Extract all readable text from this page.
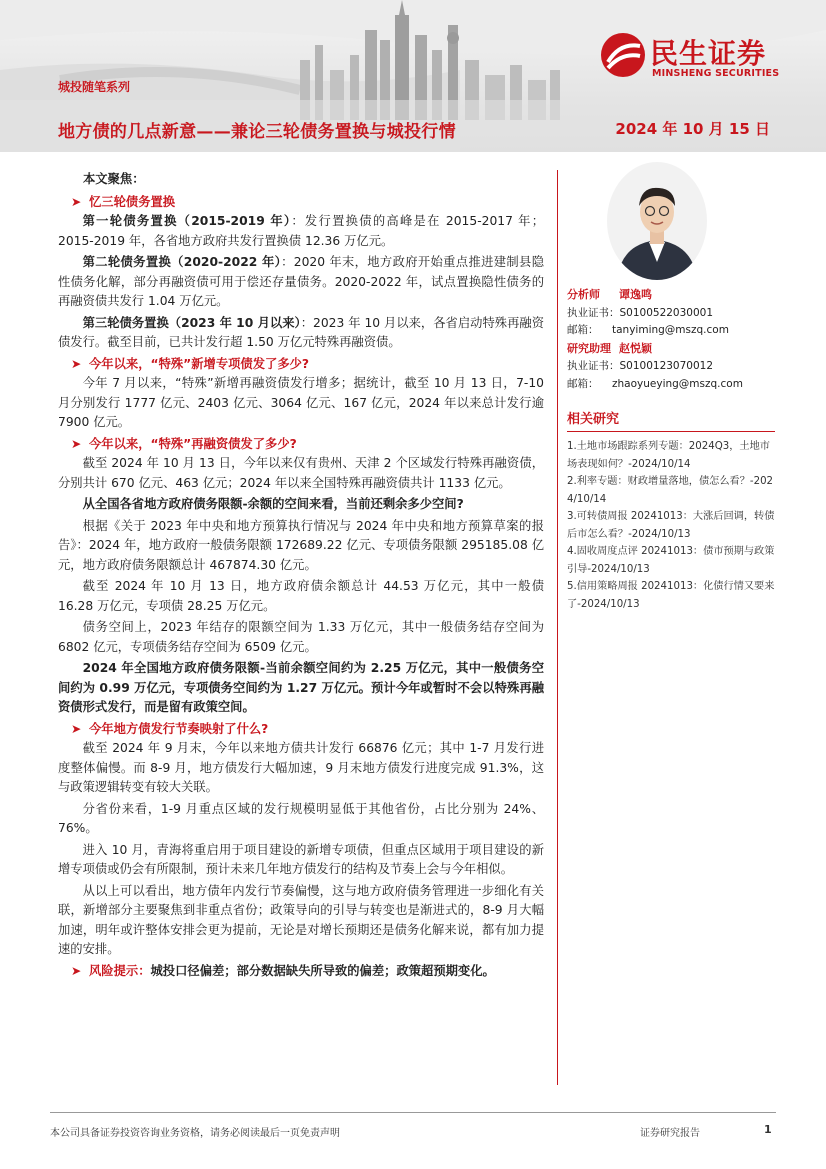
民生证券
MINSHENG SECURITIES
城投随笔系列
地方债的几点新意——兼论三轮债务置换与城投行情	2024 年 10 月 15 日
本文聚焦：
➤ 忆三轮债务置换
第一轮债务置换（2015-2019 年）：发行置换债的高峰是在 2015-2017 年；2015-2019 年，各省地方政府共发行置换债 12.36 万亿元。
第二轮债务置换（2020-2022 年）：2020 年末，地方政府开始重点推进建制县隐性债务化解，部分再融资债可用于偿还存量债务。2020-2022 年，试点置换隐性债务的再融资债共发行 1.04 万亿元。
第三轮债务置换（2023 年 10 月以来）：2023 年 10 月以来，各省启动特殊再融资债发行。截至目前，已共计发行超 1.50 万亿元特殊再融资债。
➤ 今年以来，“特殊”新增专项债发了多少?
今年 7 月以来，“特殊”新增再融资债发行增多；据统计，截至 10 月 13 日，7-10 月分别发行 1777 亿元、2403 亿元、3064 亿元、167 亿元，2024 年以来总计发行逾 7900 亿元。
➤ 今年以来，“特殊”再融资债发了多少?
截至 2024 年 10 月 13 日，今年以来仅有贵州、天津 2 个区域发行特殊再融资债，分别共计 670 亿元、463 亿元；2024 年以来全国特殊再融资债共计 1133 亿元。
从全国各省地方政府债务限额-余额的空间来看，当前还剩余多少空间?
根据《关于 2023 年中央和地方预算执行情况与 2024 年中央和地方预算草案的报告》：2024 年，地方政府一般债务限额 172689.22 亿元、专项债务限额 295185.08 亿元，地方政府债务限额总计 467874.30 亿元。
截至 2024 年 10 月 13 日，地方政府债余额总计 44.53 万亿元，其中一般债 16.28 万亿元，专项债 28.25 万亿元。
债务空间上，2023 年结存的限额空间为 1.33 万亿元，其中一般债务结存空间为 6802 亿元，专项债务结存空间为 6509 亿元。
2024 年全国地方政府债务限额-当前余额空间约为 2.25 万亿元，其中一般债务空间约为 0.99 万亿元，专项债务空间约为 1.27 万亿元。预计今年或暂时不会以特殊再融资债形式发行，而是留有政策空间。
➤ 今年地方债发行节奏映射了什么?
截至 2024 年 9 月末，今年以来地方债共计发行 66876 亿元；其中 1-7 月发行进度整体偏慢。而 8-9 月，地方债发行大幅加速，9 月末地方债发行进度完成 91.3%，这与政策逻辑转变有较大关联。
分省份来看，1-9 月重点区域的发行规模明显低于其他省份，占比分别为 24%、76%。
进入 10 月，青海将重启用于项目建设的新增专项债，但重点区域用于项目建设的新增专项债或仍会有所限制，预计未来几年地方债发行的结构及节奏上会与今年相似。
从以上可以看出，地方债年内发行节奏偏慢，这与地方政府债务管理进一步细化有关联，新增部分主要聚焦到非重点省份；政策导向的引导与转变也是渐进式的，8-9 月大幅加速，明年或许整体安排会更为提前，无论是对增长预期还是债务化解来说，都有加力提速的安排。
➤ 风险提示：城投口径偏差；部分数据缺失所导致的偏差；政策超预期变化。
分析师 谭逸鸣
执业证书：S0100522030001
邮箱： tanyiming@mszq.com
研究助理 赵悦颖
执业证书：S0100123070012
邮箱： zhaoyueying@mszq.com
相关研究
1.土地市场跟踪系列专题：2024Q3，土地市场表现如何？-2024/10/14
2.利率专题：财政增量落地，债怎么看？-2024/10/14
3.可转债周报 20241013：大涨后回调，转债后市怎么看？-2024/10/13
4.固收周度点评 20241013：债市预期与政策引导-2024/10/13
5.信用策略周报 20241013：化债行情又要来了-2024/10/13
本公司具备证券投资咨询业务资格，请务必阅读最后一页免责声明	证券研究报告	1
